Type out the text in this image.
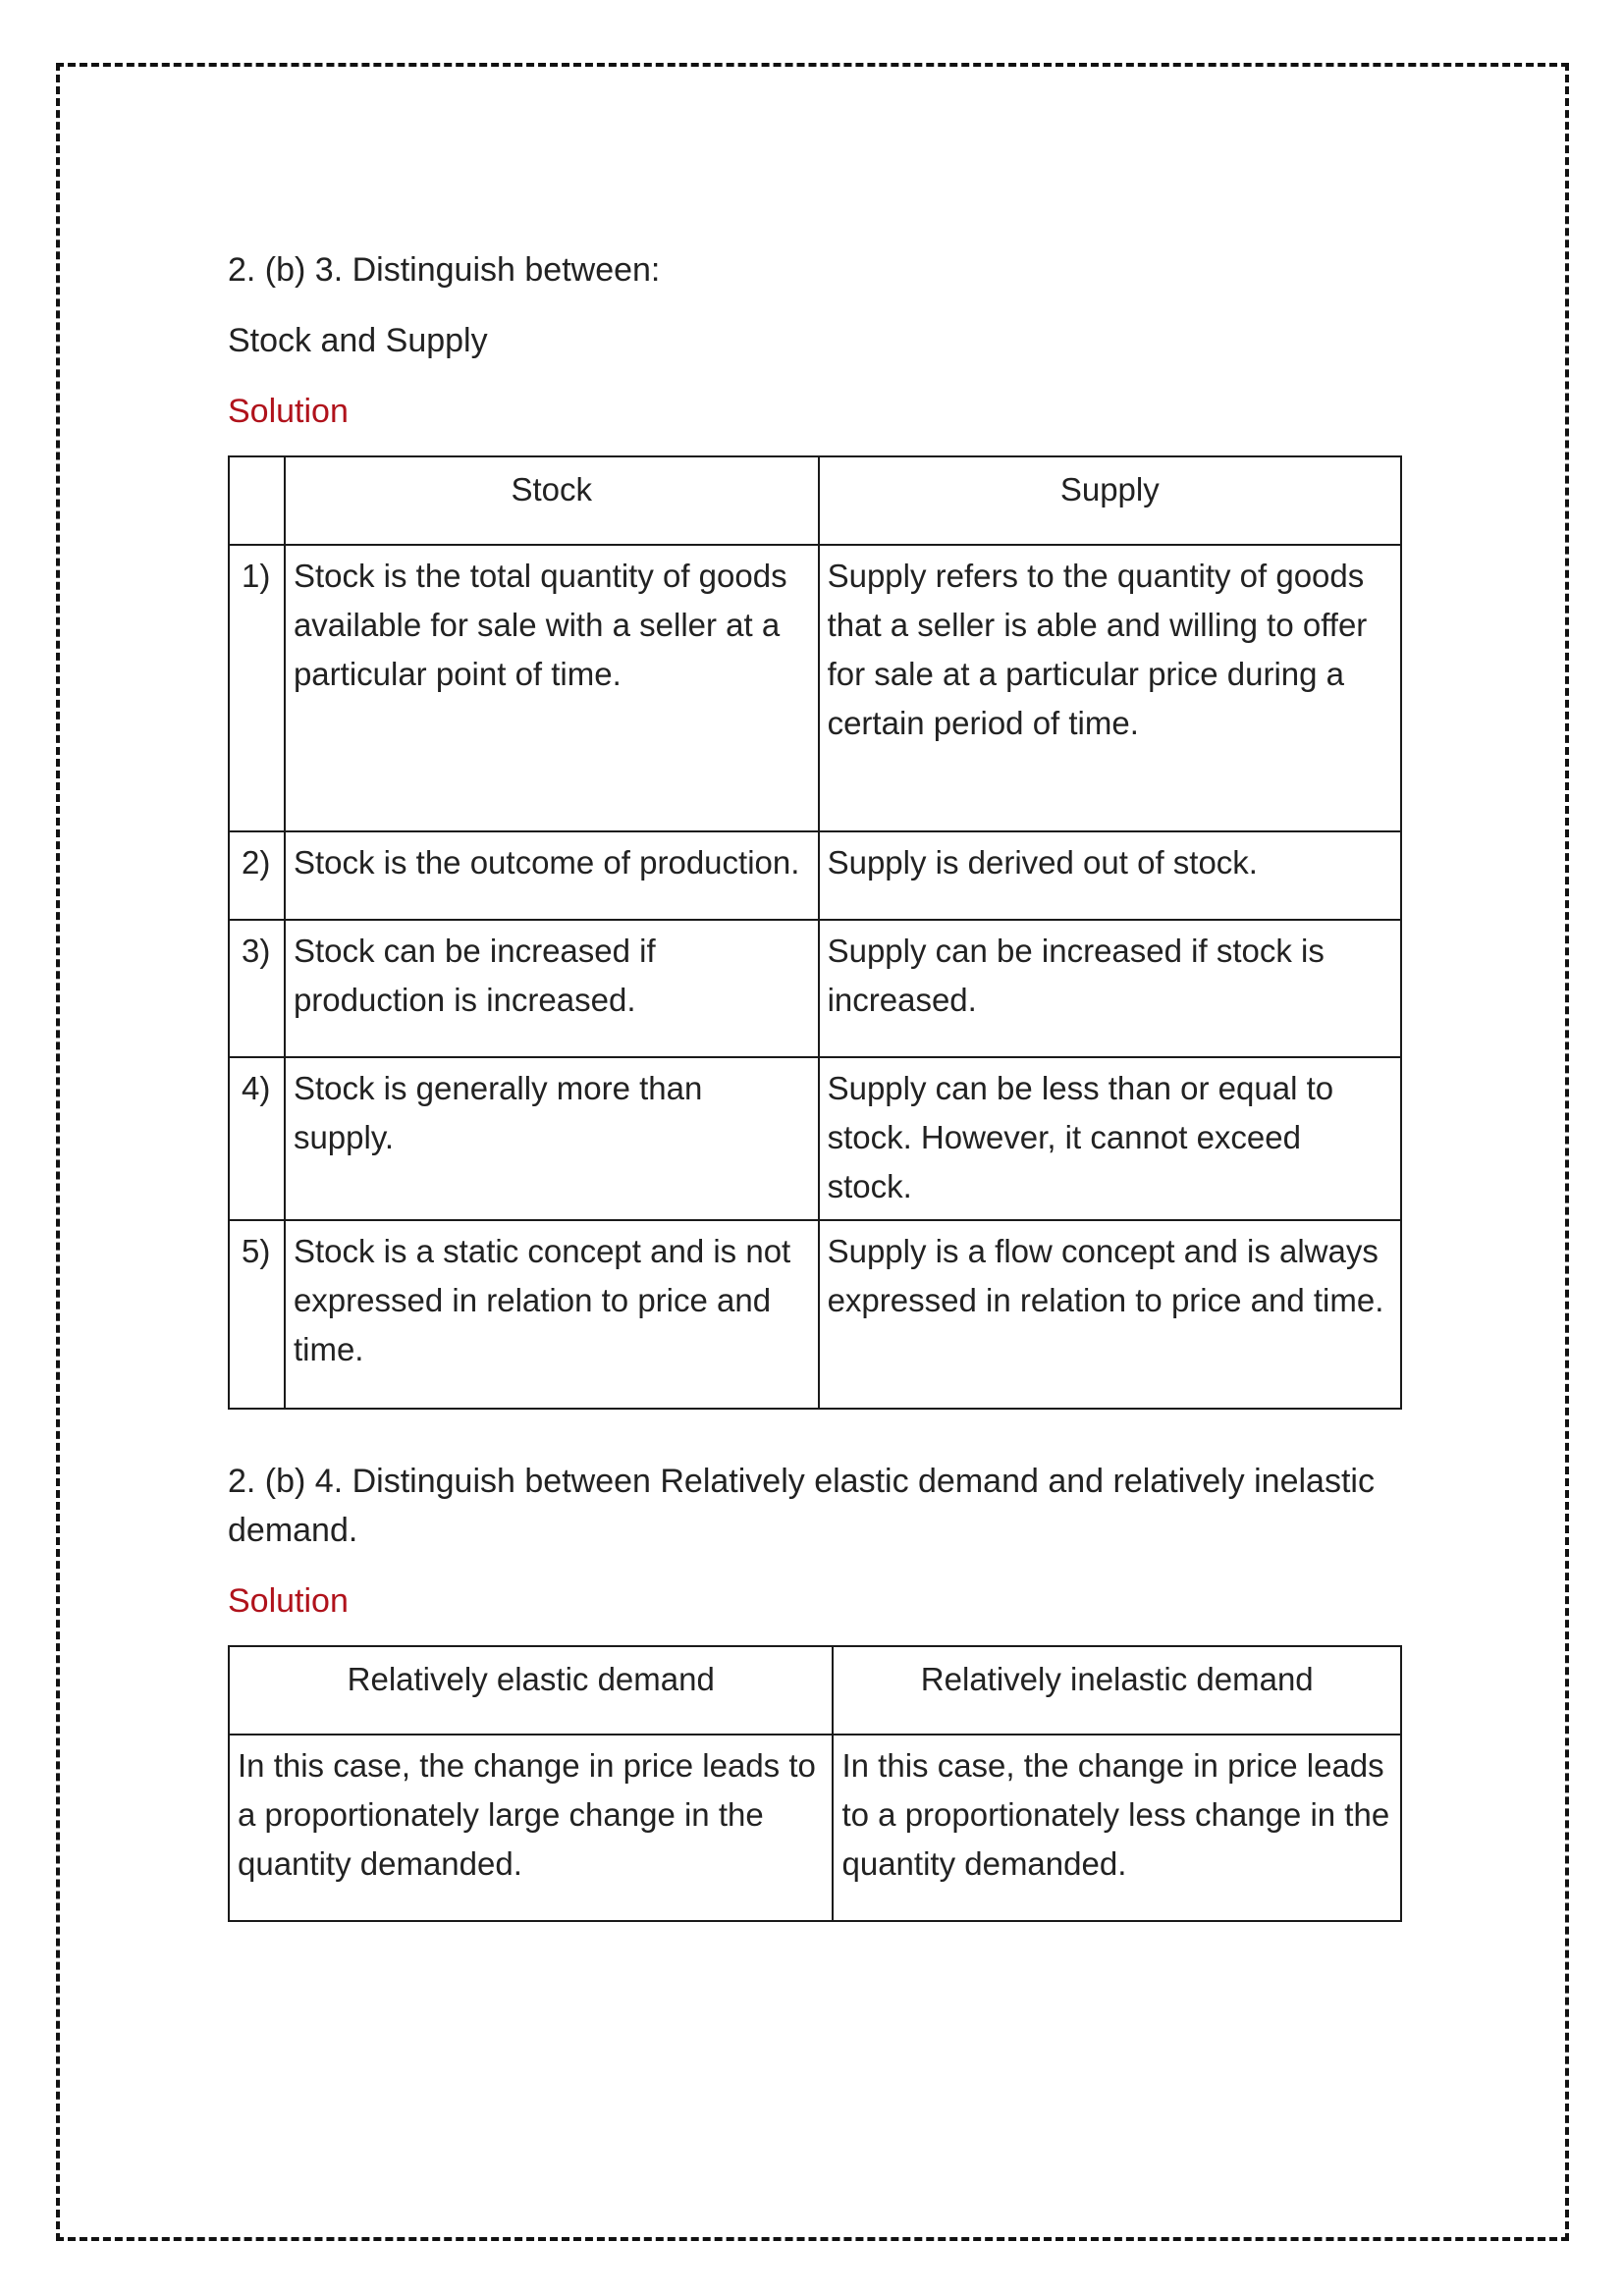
2. (b) 3. Distinguish between:

Stock and Supply

Solution

	Stock	Supply
1)	Stock is the total quantity of goods available for sale with a seller at a particular point of time.	Supply refers to the quantity of goods that a seller is able and willing to offer for sale at a particular price during a certain period of time.
2)	Stock is the outcome of production.	Supply is derived out of stock.
3)	Stock can be increased if production is increased.	Supply can be increased if stock is increased.
4)	Stock is generally more than supply.	Supply can be less than or equal to stock. However, it cannot exceed stock.
5)	Stock is a static concept and is not expressed in relation to price and time.	Supply is a flow concept and is always expressed in relation to price and time.

2. (b) 4. Distinguish between Relatively elastic demand and relatively inelastic demand.

Solution

Relatively elastic demand	Relatively inelastic demand
In this case, the change in price leads to a proportionately large change in the quantity demanded.	In this case, the change in price leads to a proportionately less change in the quantity demanded.
